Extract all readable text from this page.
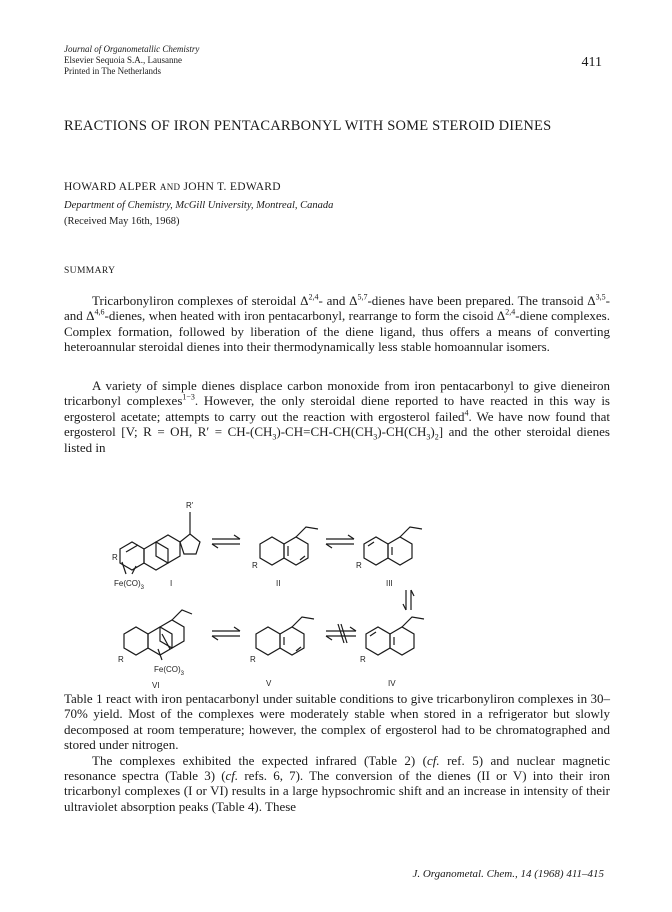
Journal of Organometallic Chemistry
Elsevier Sequoia S.A., Lausanne
Printed in The Netherlands
411
REACTIONS OF IRON PENTACARBONYL WITH SOME STEROID DIENES
HOWARD ALPER AND JOHN T. EDWARD
Department of Chemistry, McGill University, Montreal, Canada
(Received May 16th, 1968)
SUMMARY

Tricarbonyliron complexes of steroidal Δ$^{2,4}$- and Δ$^{5,7}$-dienes have been prepared. The transoid Δ$^{3,5}$- and Δ$^{4,6}$-dienes, when heated with iron pentacarbonyl, rearrange to form the cisoid Δ$^{2,4}$-diene complexes. Complex formation, followed by liberation of the diene ligand, thus offers a means of converting heteroannular steroidal dienes into their thermodynamically less stable homoannular isomers.

A variety of simple dienes displace carbon monoxide from iron pentacarbonyl to give dieneiron tricarbonyl complexes$^{1-3}$. However, the only steroidal diene reported to have reacted in this way is ergosterol acetate; attempts to carry out the reaction with ergosterol failed$^4$. We have now found that ergosterol [V; R = OH, $R' = CH-(CH_3)-CH=CH-CH(CH_3)-CH(CH_3)_2$] and the other steroidal dienes listed in

R'
R
$Fe(CO)_3$	I
R
II
R
III
R
$Fe(CO)_3$
VI
R
V
R
IV

Table 1 react with iron pentacarbonyl under suitable conditions to give tricarbonyliron complexes in 30–70% yield. Most of the complexes were moderately stable when stored in a refrigerator but slowly decomposed at room temperature; however, the complex of ergosterol had to be chromatographed and stored under nitrogen.

The complexes exhibited the expected infrared (Table 2) (cf. ref. 5) and nuclear magnetic resonance spectra (Table 3) (cf. refs. 6, 7). The conversion of the dienes (II or V) into their iron tricarbonyl complexes (I or VI) results in a large hypsochromic shift and an increase in intensity of their ultraviolet absorption peaks (Table 4). These

J. Organometal. Chem., 14 (1968) 411–415
